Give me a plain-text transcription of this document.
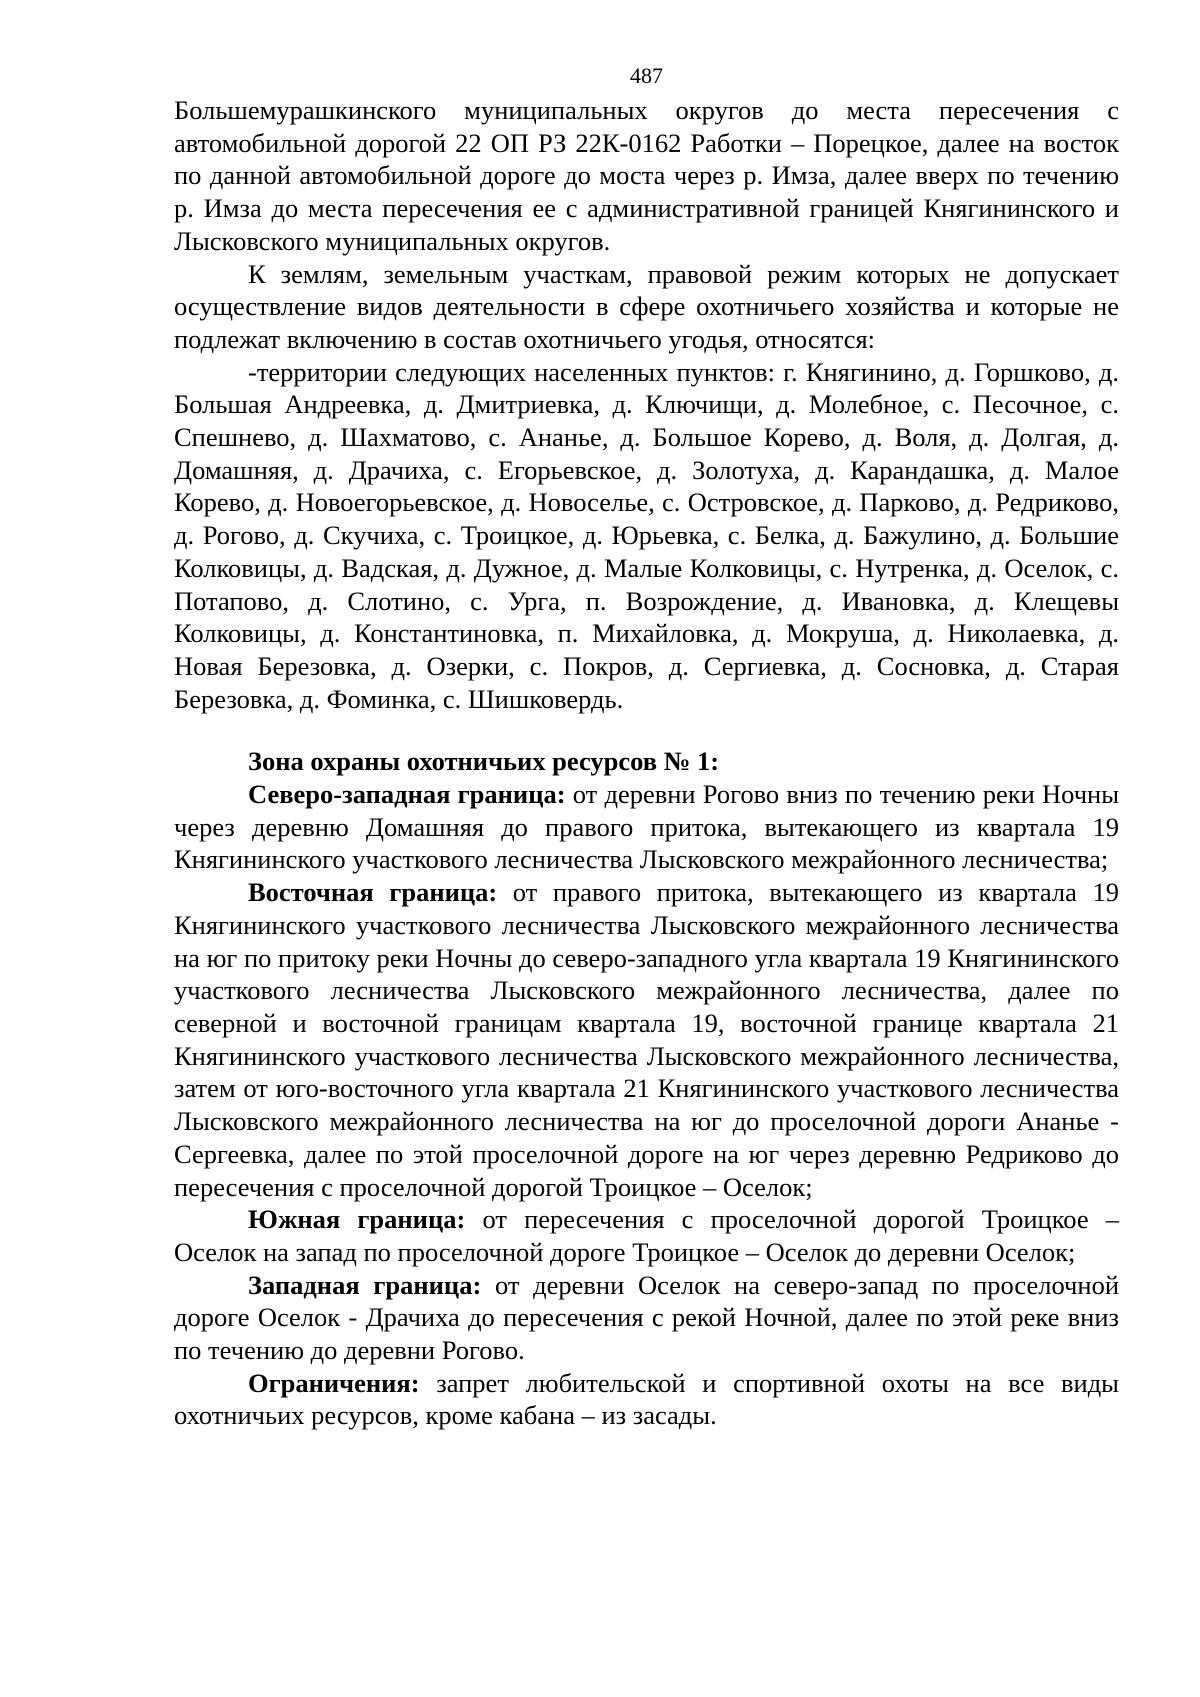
487

Большемурашкинского муниципальных округов до места пересечения с автомобильной дорогой 22 ОП РЗ 22К-0162 Работки – Порецкое, далее на восток по данной автомобильной дороге до моста через р. Имза, далее вверх по течению р. Имза до места пересечения ее с административной границей Княгининского и Лысковского муниципальных округов.

К землям, земельным участкам, правовой режим которых не допускает осуществление видов деятельности в сфере охотничьего хозяйства и которые не подлежат включению в состав охотничьего угодья, относятся:

-территории следующих населенных пунктов: г. Княгинино, д. Горшково, д. Большая Андреевка, д. Дмитриевка, д. Ключищи, д. Молебное, с. Песочное, с. Спешнево, д. Шахматово, с. Ананье, д. Большое Корево, д. Воля, д. Долгая, д. Домашняя, д. Драчиха, с. Егорьевское, д. Золотуха, д. Карандашка, д. Малое Корево, д. Новоегорьевское, д. Новоселье, с. Островское, д. Парково, д. Редриково, д. Рогово, д. Скучиха, с. Троицкое, д. Юрьевка, с. Белка, д. Бажулино, д. Большие Колковицы, д. Вадская, д. Дужное, д. Малые Колковицы, с. Нутренка, д. Оселок, с. Потапово, д. Слотино, с. Урга, п. Возрождение, д. Ивановка, д. Клещевы Колковицы, д. Константиновка, п. Михайловка, д. Мокруша, д. Николаевка, д. Новая Березовка, д. Озерки, с. Покров, д. Сергиевка, д. Сосновка, д. Старая Березовка, д. Фоминка, с. Шишковердь.

Зона охраны охотничьих ресурсов № 1:

Северо-западная граница: от деревни Рогово вниз по течению реки Ночны через деревню Домашняя до правого притока, вытекающего из квартала 19 Княгининского участкового лесничества Лысковского межрайонного лесничества;

Восточная граница: от правого притока, вытекающего из квартала 19 Княгининского участкового лесничества Лысковского межрайонного лесничества на юг по притоку реки Ночны до северо-западного угла квартала 19 Княгининского участкового лесничества Лысковского межрайонного лесничества, далее по северной и восточной границам квартала 19, восточной границе квартала 21 Княгининского участкового лесничества Лысковского межрайонного лесничества, затем от юго-восточного угла квартала 21 Княгининского участкового лесничества Лысковского межрайонного лесничества на юг до проселочной дороги Ананье - Сергеевка, далее по этой проселочной дороге на юг через деревню Редриково до пересечения с проселочной дорогой Троицкое – Оселок;

Южная граница: от пересечения с проселочной дорогой Троицкое – Оселок на запад по проселочной дороге Троицкое – Оселок до деревни Оселок;

Западная граница: от деревни Оселок на северо-запад по проселочной дороге Оселок - Драчиха до пересечения с рекой Ночной, далее по этой реке вниз по течению до деревни Рогово.

Ограничения: запрет любительской и спортивной охоты на все виды охотничьих ресурсов, кроме кабана – из засады.
